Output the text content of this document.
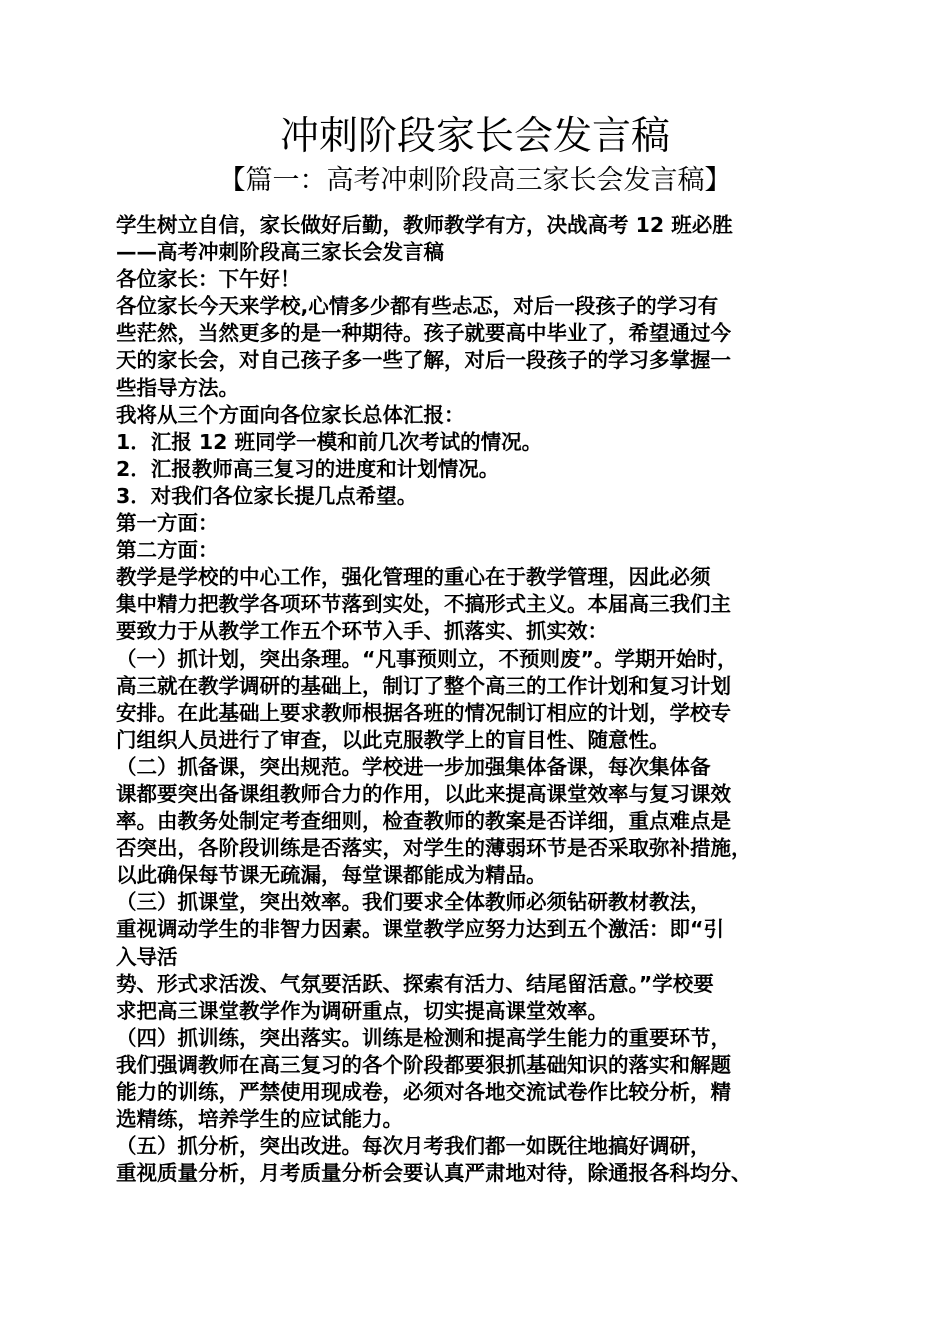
冲刺阶段家长会发言稿
【篇一：高考冲刺阶段高三家长会发言稿】

学生树立自信，家长做好后勤，教师教学有方，决战高考 12 班必胜

——高考冲刺阶段高三家长会发言稿

各位家长：下午好！

各位家长今天来学校,心情多少都有些忐忑，对后一段孩子的学习有

些茫然，当然更多的是一种期待。孩子就要高中毕业了，希望通过今

天的家长会，对自己孩子多一些了解，对后一段孩子的学习多掌握一

些指导方法。

我将从三个方面向各位家长总体汇报：

1．汇报 12 班同学一模和前几次考试的情况。

2．汇报教师高三复习的进度和计划情况。

3．对我们各位家长提几点希望。

第一方面：

第二方面：

教学是学校的中心工作，强化管理的重心在于教学管理，因此必须

集中精力把教学各项环节落到实处，不搞形式主义。本届高三我们主

要致力于从教学工作五个环节入手、抓落实、抓实效：

（一）抓计划，突出条理。“凡事预则立，不预则废”。学期开始时，

高三就在教学调研的基础上，制订了整个高三的工作计划和复习计划

安排。在此基础上要求教师根据各班的情况制订相应的计划，学校专

门组织人员进行了审查，以此克服教学上的盲目性、随意性。

（二）抓备课，突出规范。学校进一步加强集体备课，每次集体备

课都要突出备课组教师合力的作用，以此来提高课堂效率与复习课效

率。由教务处制定考查细则，检查教师的教案是否详细，重点难点是

否突出，各阶段训练是否落实，对学生的薄弱环节是否采取弥补措施，

以此确保每节课无疏漏，每堂课都能成为精品。

（三）抓课堂，突出效率。我们要求全体教师必须钻研教材教法，

重视调动学生的非智力因素。课堂教学应努力达到五个激活：即“引

入导活

势、形式求活泼、气氛要活跃、探索有活力、结尾留活意。”学校要

求把高三课堂教学作为调研重点，切实提高课堂效率。

（四）抓训练，突出落实。训练是检测和提高学生能力的重要环节，

我们强调教师在高三复习的各个阶段都要狠抓基础知识的落实和解题

能力的训练，严禁使用现成卷，必须对各地交流试卷作比较分析，精

选精练，培养学生的应试能力。

（五）抓分析，突出改进。每次月考我们都一如既往地搞好调研，

重视质量分析，月考质量分析会要认真严肃地对待，除通报各科均分、
